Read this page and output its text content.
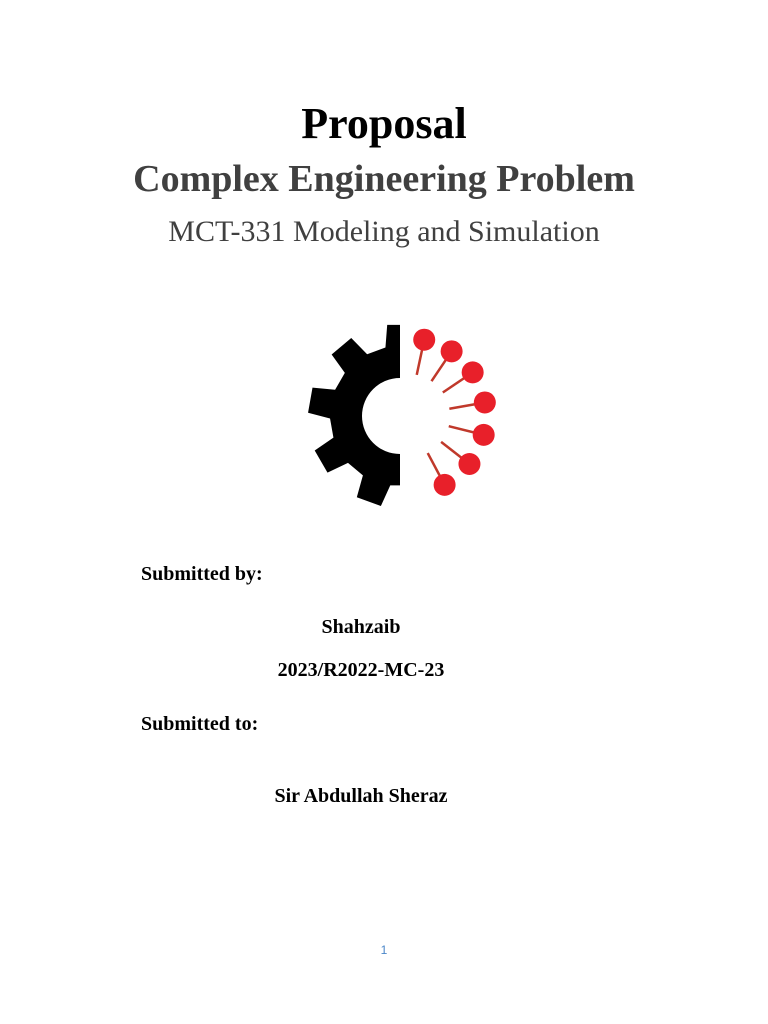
Proposal
Complex Engineering Problem
MCT-331 Modeling and Simulation
Submitted by:
Shahzaib
2023/R2022-MC-23
Submitted to:
Sir Abdullah Sheraz
1
